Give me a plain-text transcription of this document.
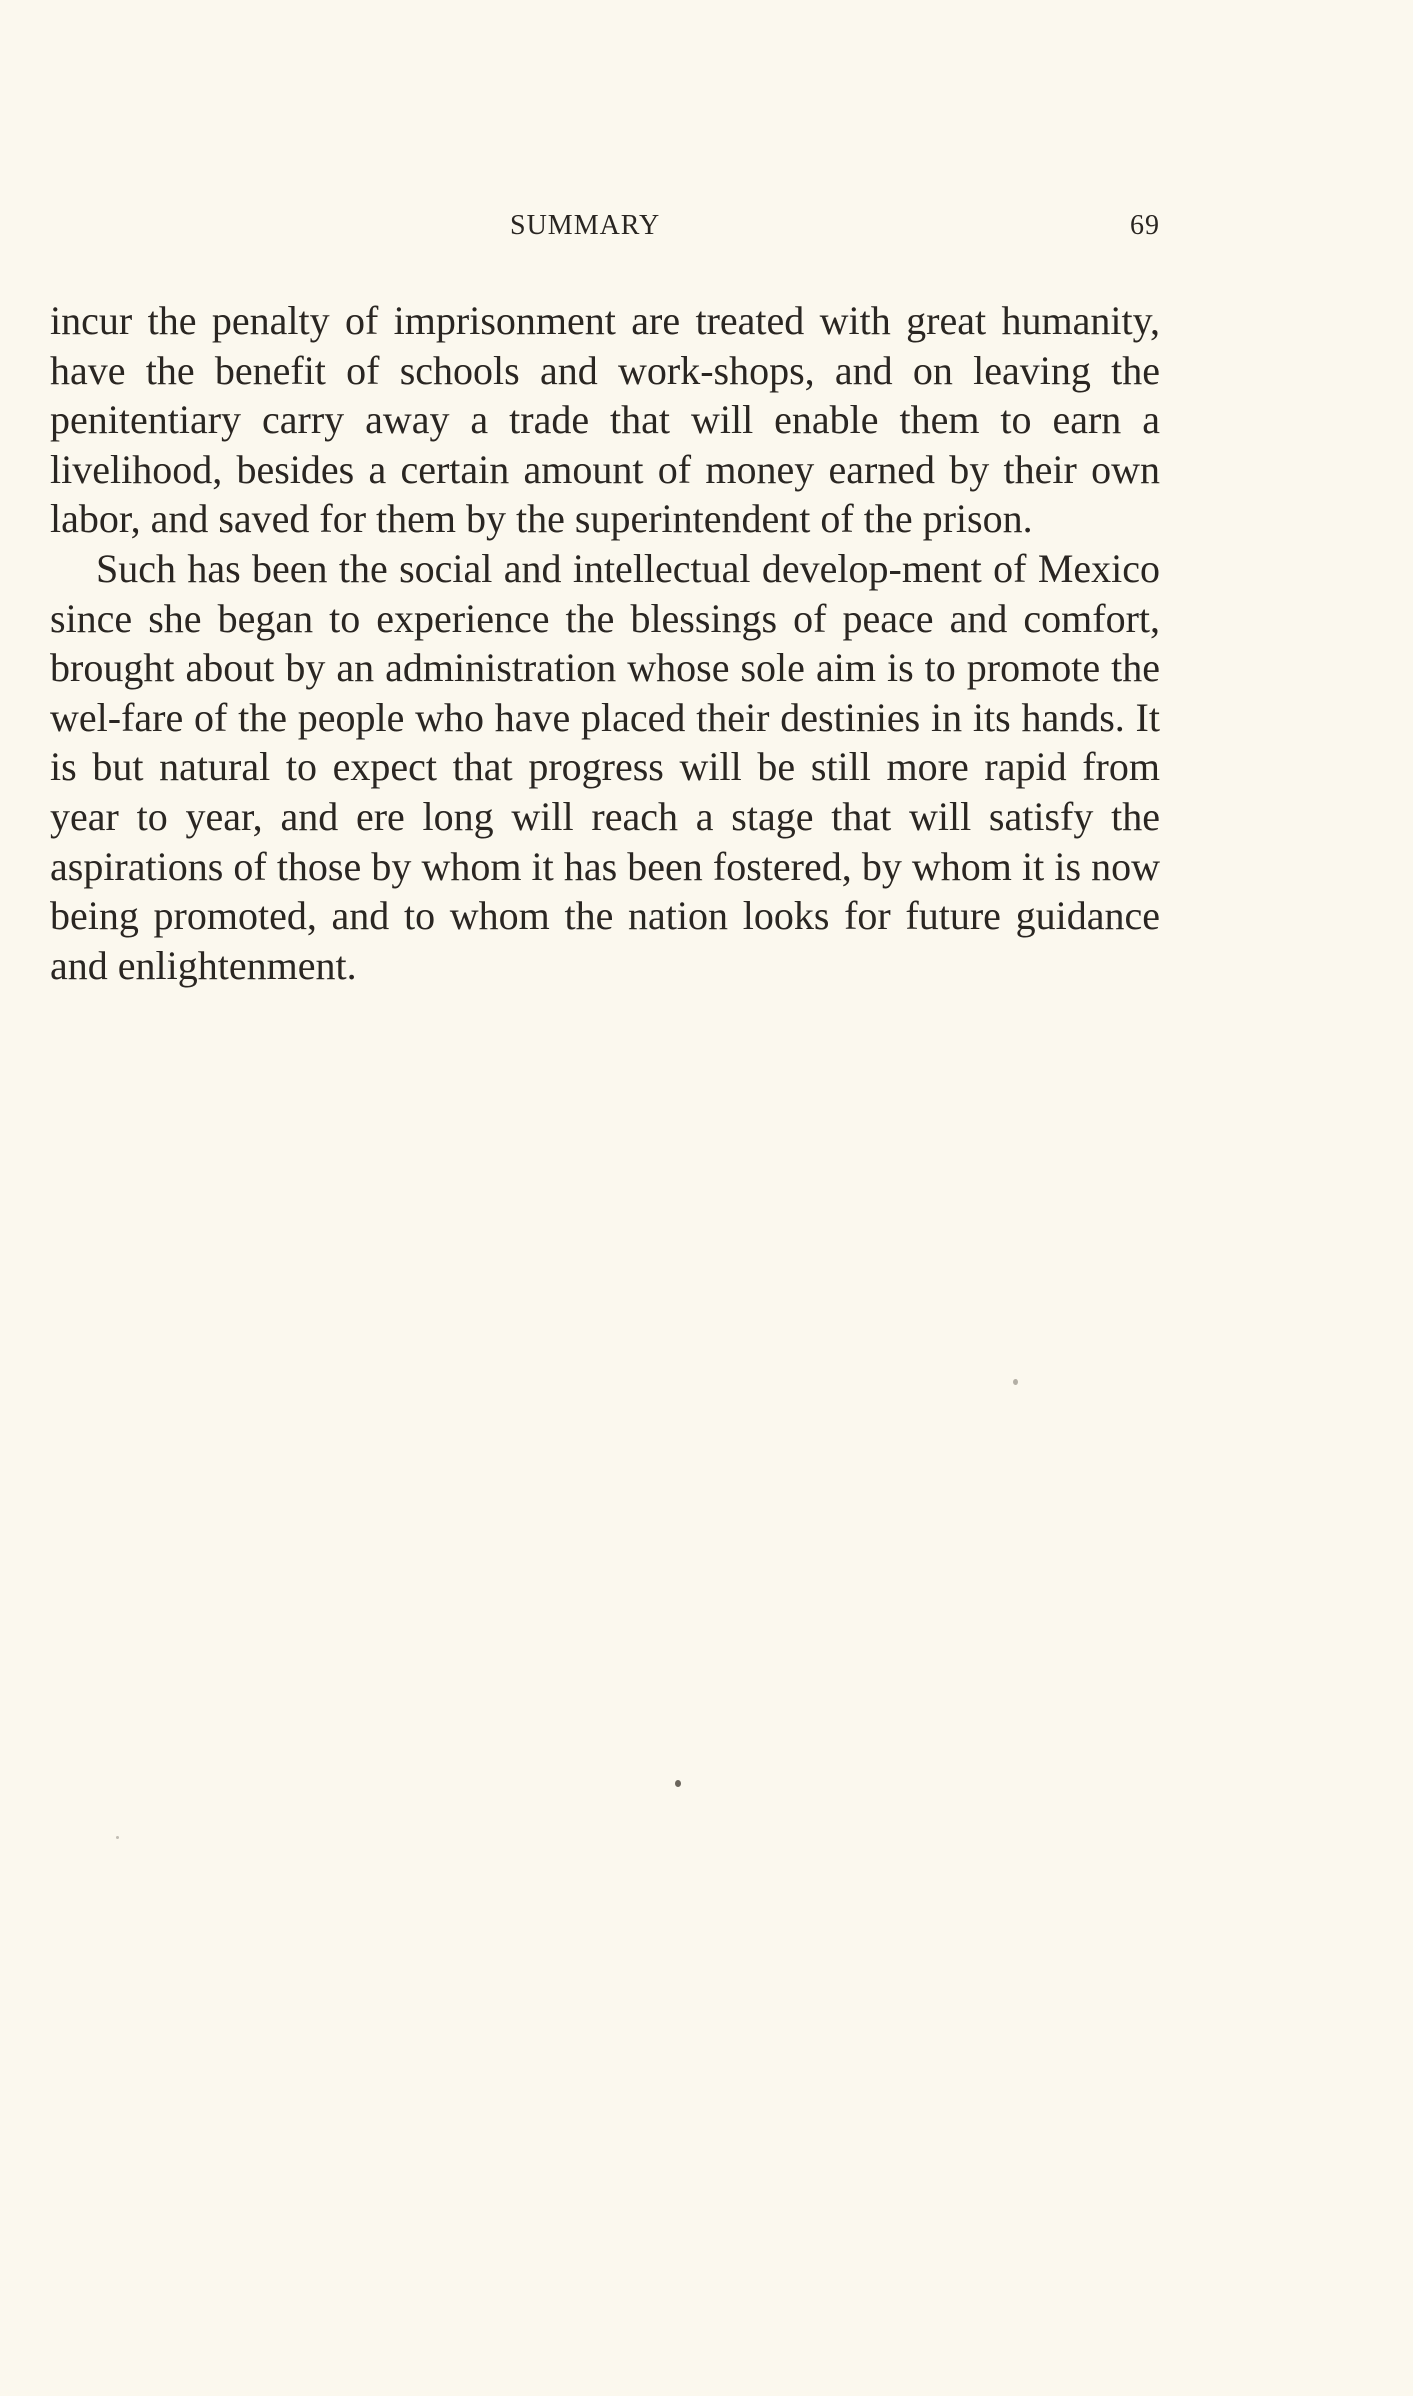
SUMMARY	69

incur the penalty of imprisonment are treated with great humanity, have the benefit of schools and work-shops, and on leaving the penitentiary carry away a trade that will enable them to earn a livelihood, besides a certain amount of money earned by their own labor, and saved for them by the superintendent of the prison.

Such has been the social and intellectual develop-ment of Mexico since she began to experience the blessings of peace and comfort, brought about by an administration whose sole aim is to promote the wel-fare of the people who have placed their destinies in its hands. It is but natural to expect that progress will be still more rapid from year to year, and ere long will reach a stage that will satisfy the aspirations of those by whom it has been fostered, by whom it is now being promoted, and to whom the nation looks for future guidance and enlightenment.
